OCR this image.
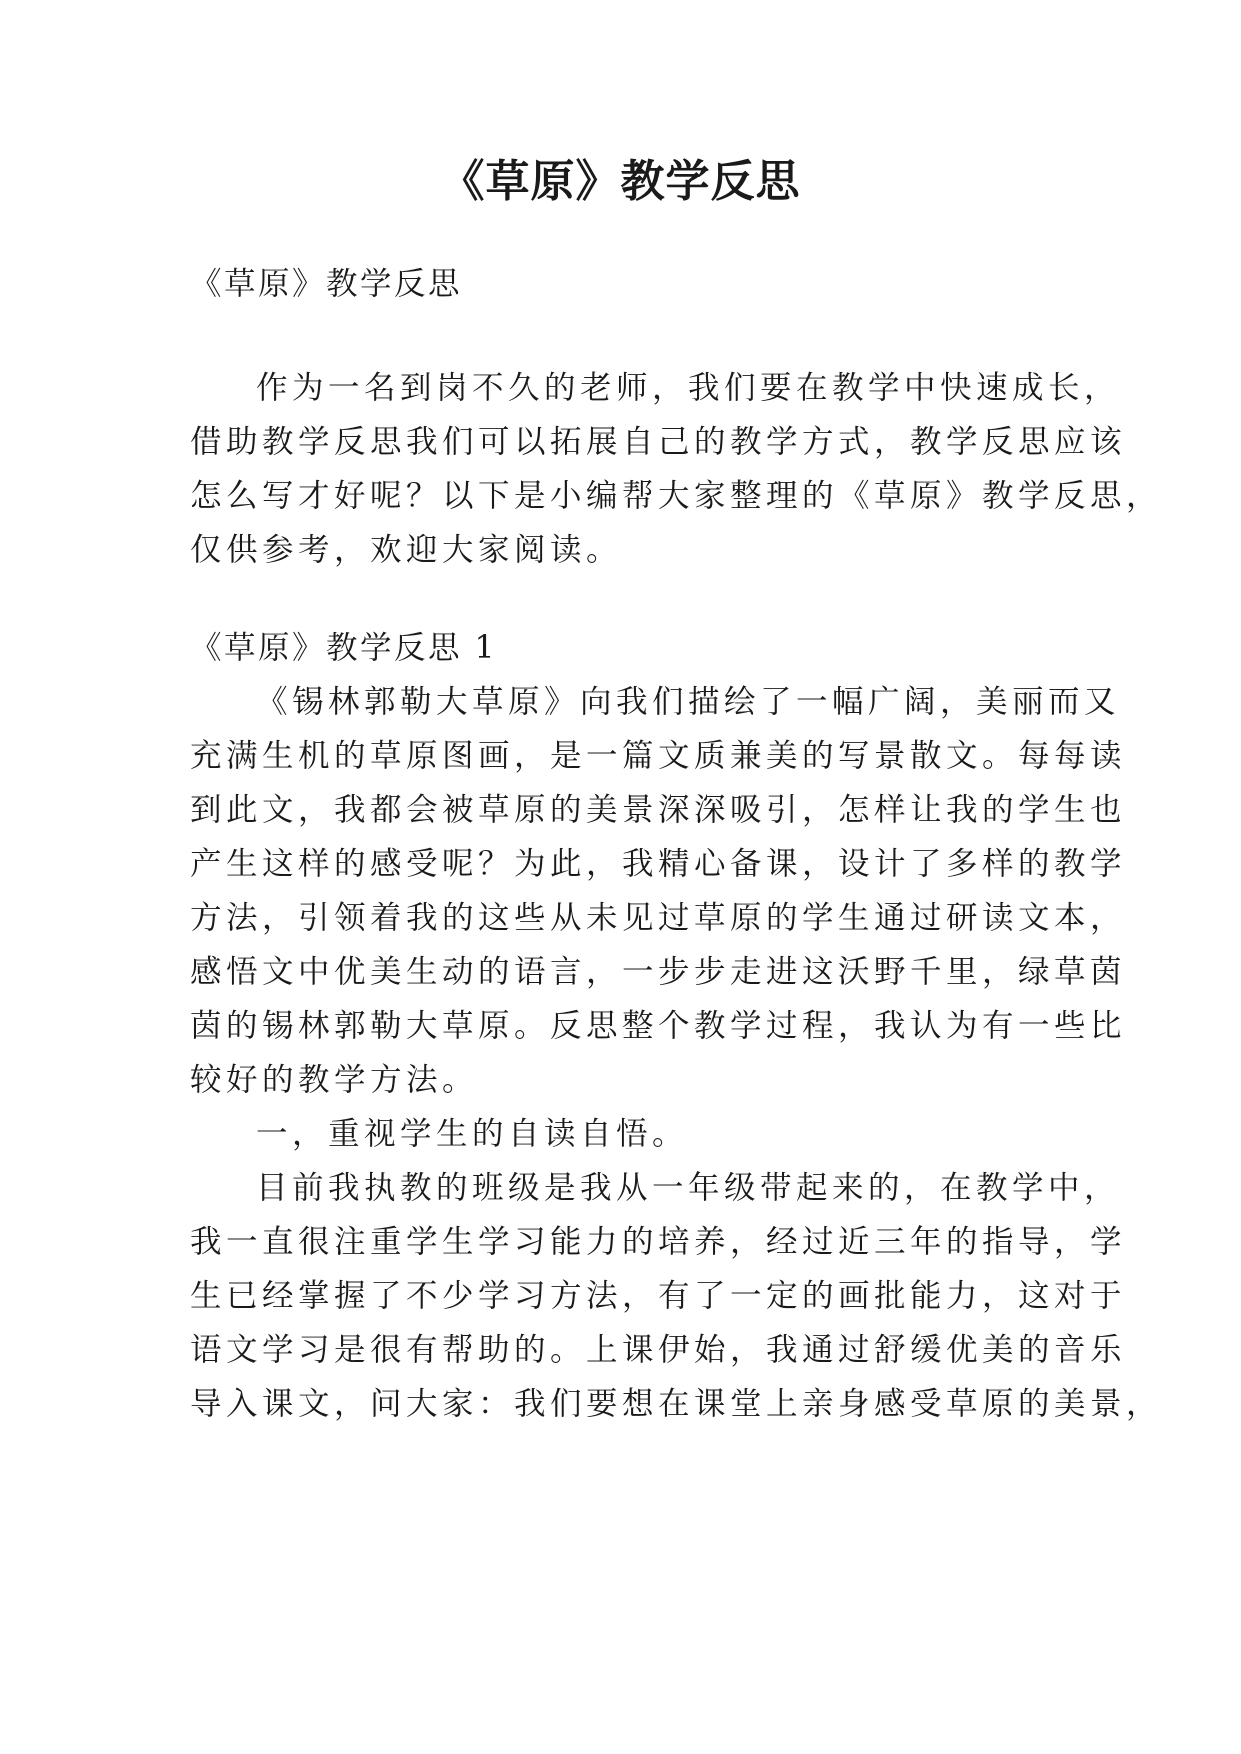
《草原》教学反思

《草原》教学反思

作为一名到岗不久的老师，我们要在教学中快速成长，

借助教学反思我们可以拓展自己的教学方式，教学反思应该

怎么写才好呢？以下是小编帮大家整理的《草原》教学反思，

仅供参考，欢迎大家阅读。

《草原》教学反思 1

《锡林郭勒大草原》向我们描绘了一幅广阔，美丽而又

充满生机的草原图画，是一篇文质兼美的写景散文。每每读

到此文，我都会被草原的美景深深吸引，怎样让我的学生也

产生这样的感受呢？为此，我精心备课，设计了多样的教学

方法，引领着我的这些从未见过草原的学生通过研读文本，

感悟文中优美生动的语言，一步步走进这沃野千里，绿草茵

茵的锡林郭勒大草原。反思整个教学过程，我认为有一些比

较好的教学方法。

一，重视学生的自读自悟。

目前我执教的班级是我从一年级带起来的，在教学中，

我一直很注重学生学习能力的培养，经过近三年的指导，学

生已经掌握了不少学习方法，有了一定的画批能力，这对于

语文学习是很有帮助的。上课伊始，我通过舒缓优美的音乐

导入课文，问大家：我们要想在课堂上亲身感受草原的美景，
